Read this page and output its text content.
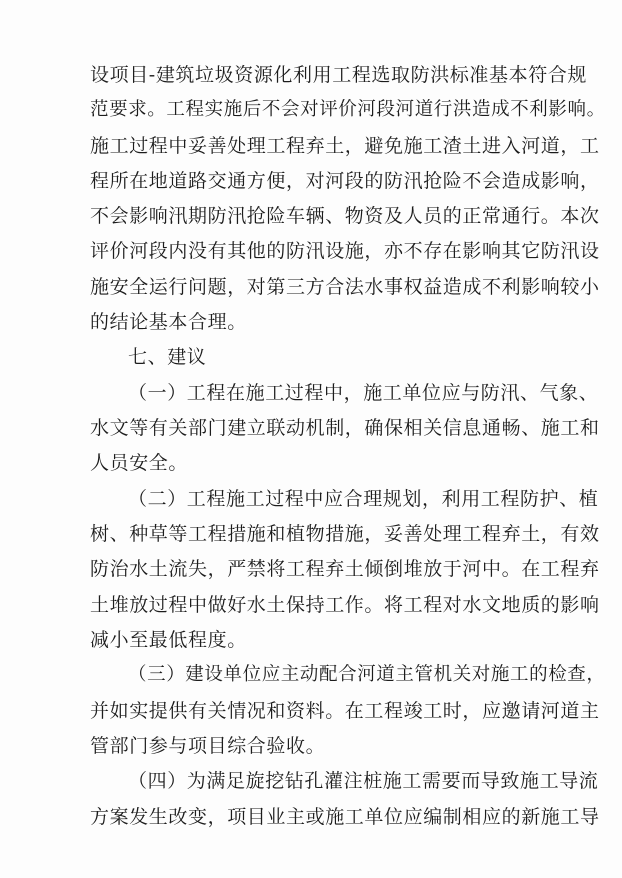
设项目-建筑垃圾资源化利用工程选取防洪标准基本符合规
范要求。工程实施后不会对评价河段河道行洪造成不利影响。
施工过程中妥善处理工程弃土，避免施工渣土进入河道，工
程所在地道路交通方便，对河段的防汛抢险不会造成影响，
不会影响汛期防汛抢险车辆、物资及人员的正常通行。本次
评价河段内没有其他的防汛设施，亦不存在影响其它防汛设
施安全运行问题，对第三方合法水事权益造成不利影响较小
的结论基本合理。
七、建议
（一）工程在施工过程中，施工单位应与防汛、气象、
水文等有关部门建立联动机制，确保相关信息通畅、施工和
人员安全。
（二）工程施工过程中应合理规划，利用工程防护、植
树、种草等工程措施和植物措施，妥善处理工程弃土，有效
防治水土流失，严禁将工程弃土倾倒堆放于河中。在工程弃
土堆放过程中做好水土保持工作。将工程对水文地质的影响
减小至最低程度。
（三）建设单位应主动配合河道主管机关对施工的检查，
并如实提供有关情况和资料。在工程竣工时，应邀请河道主
管部门参与项目综合验收。
（四）为满足旋挖钻孔灌注桩施工需要而导致施工导流
方案发生改变，项目业主或施工单位应编制相应的新施工导
